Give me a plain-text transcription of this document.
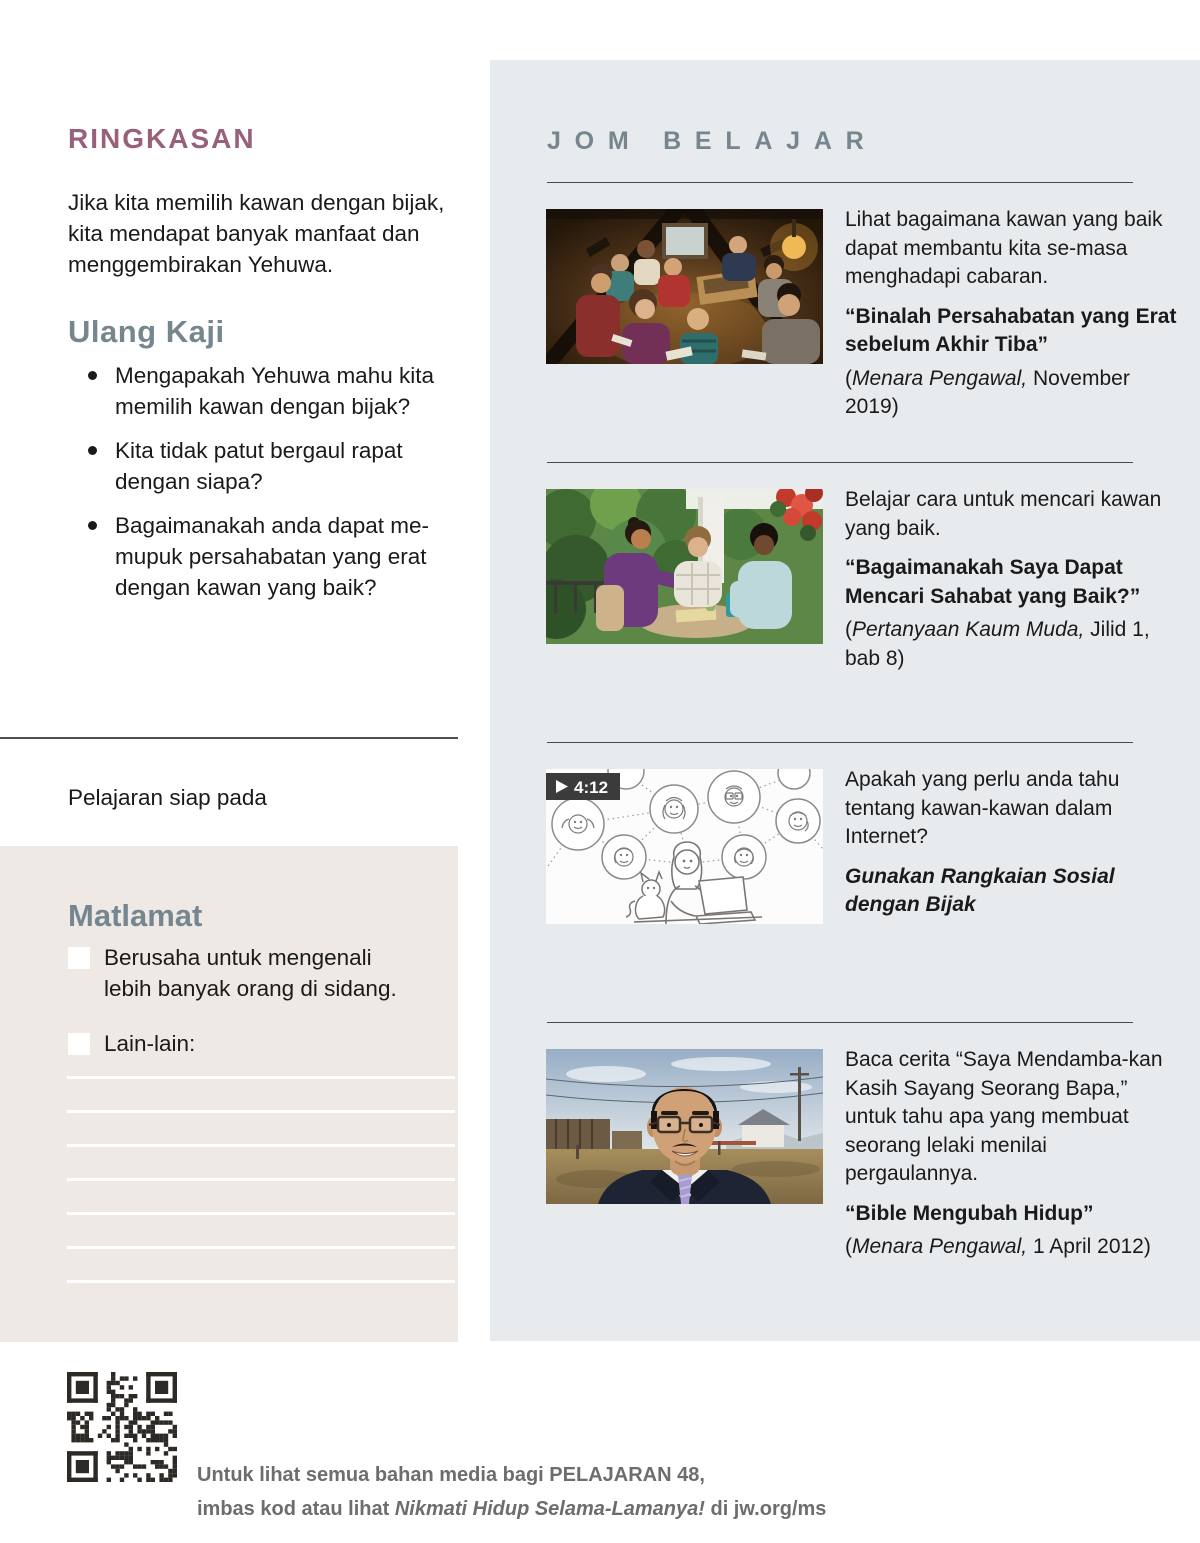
RINGKASAN

Jika kita memilih kawan dengan bijak, kita mendapat banyak manfaat dan menggembirakan Yehuwa.

Ulang Kaji
Mengapakah Yehuwa mahu kita memilih kawan dengan bijak?
Kita tidak patut bergaul rapat dengan siapa?
Bagaimanakah anda dapat me-mupuk persahabatan yang erat dengan kawan yang baik?

Pelajaran siap pada

Matlamat
Berusaha untuk mengenali lebih banyak orang di sidang.
Lain-lain:
JOM BELAJAR

Lihat bagaimana kawan yang baik dapat membantu kita se-masa menghadapi cabaran.

“Binalah Persahabatan yang Erat sebelum Akhir Tiba”

(Menara Pengawal, November 2019)

Belajar cara untuk mencari kawan yang baik.

“Bagaimanakah Saya Dapat Mencari Sahabat yang Baik?”

(Pertanyaan Kaum Muda, Jilid 1, bab 8)

4:12	Apakah yang perlu anda tahu tentang kawan-kawan dalam Internet?

Gunakan Rangkaian Sosial dengan Bijak

Baca cerita “Saya Mendamba-kan Kasih Sayang Seorang Bapa,” untuk tahu apa yang membuat seorang lelaki menilai pergaulannya.

“Bible Mengubah Hidup”

(Menara Pengawal, 1 April 2012)

Untuk lihat semua bahan media bagi PELAJARAN 48,
imbas kod atau lihat Nikmati Hidup Selama-Lamanya! di jw.org/ms
